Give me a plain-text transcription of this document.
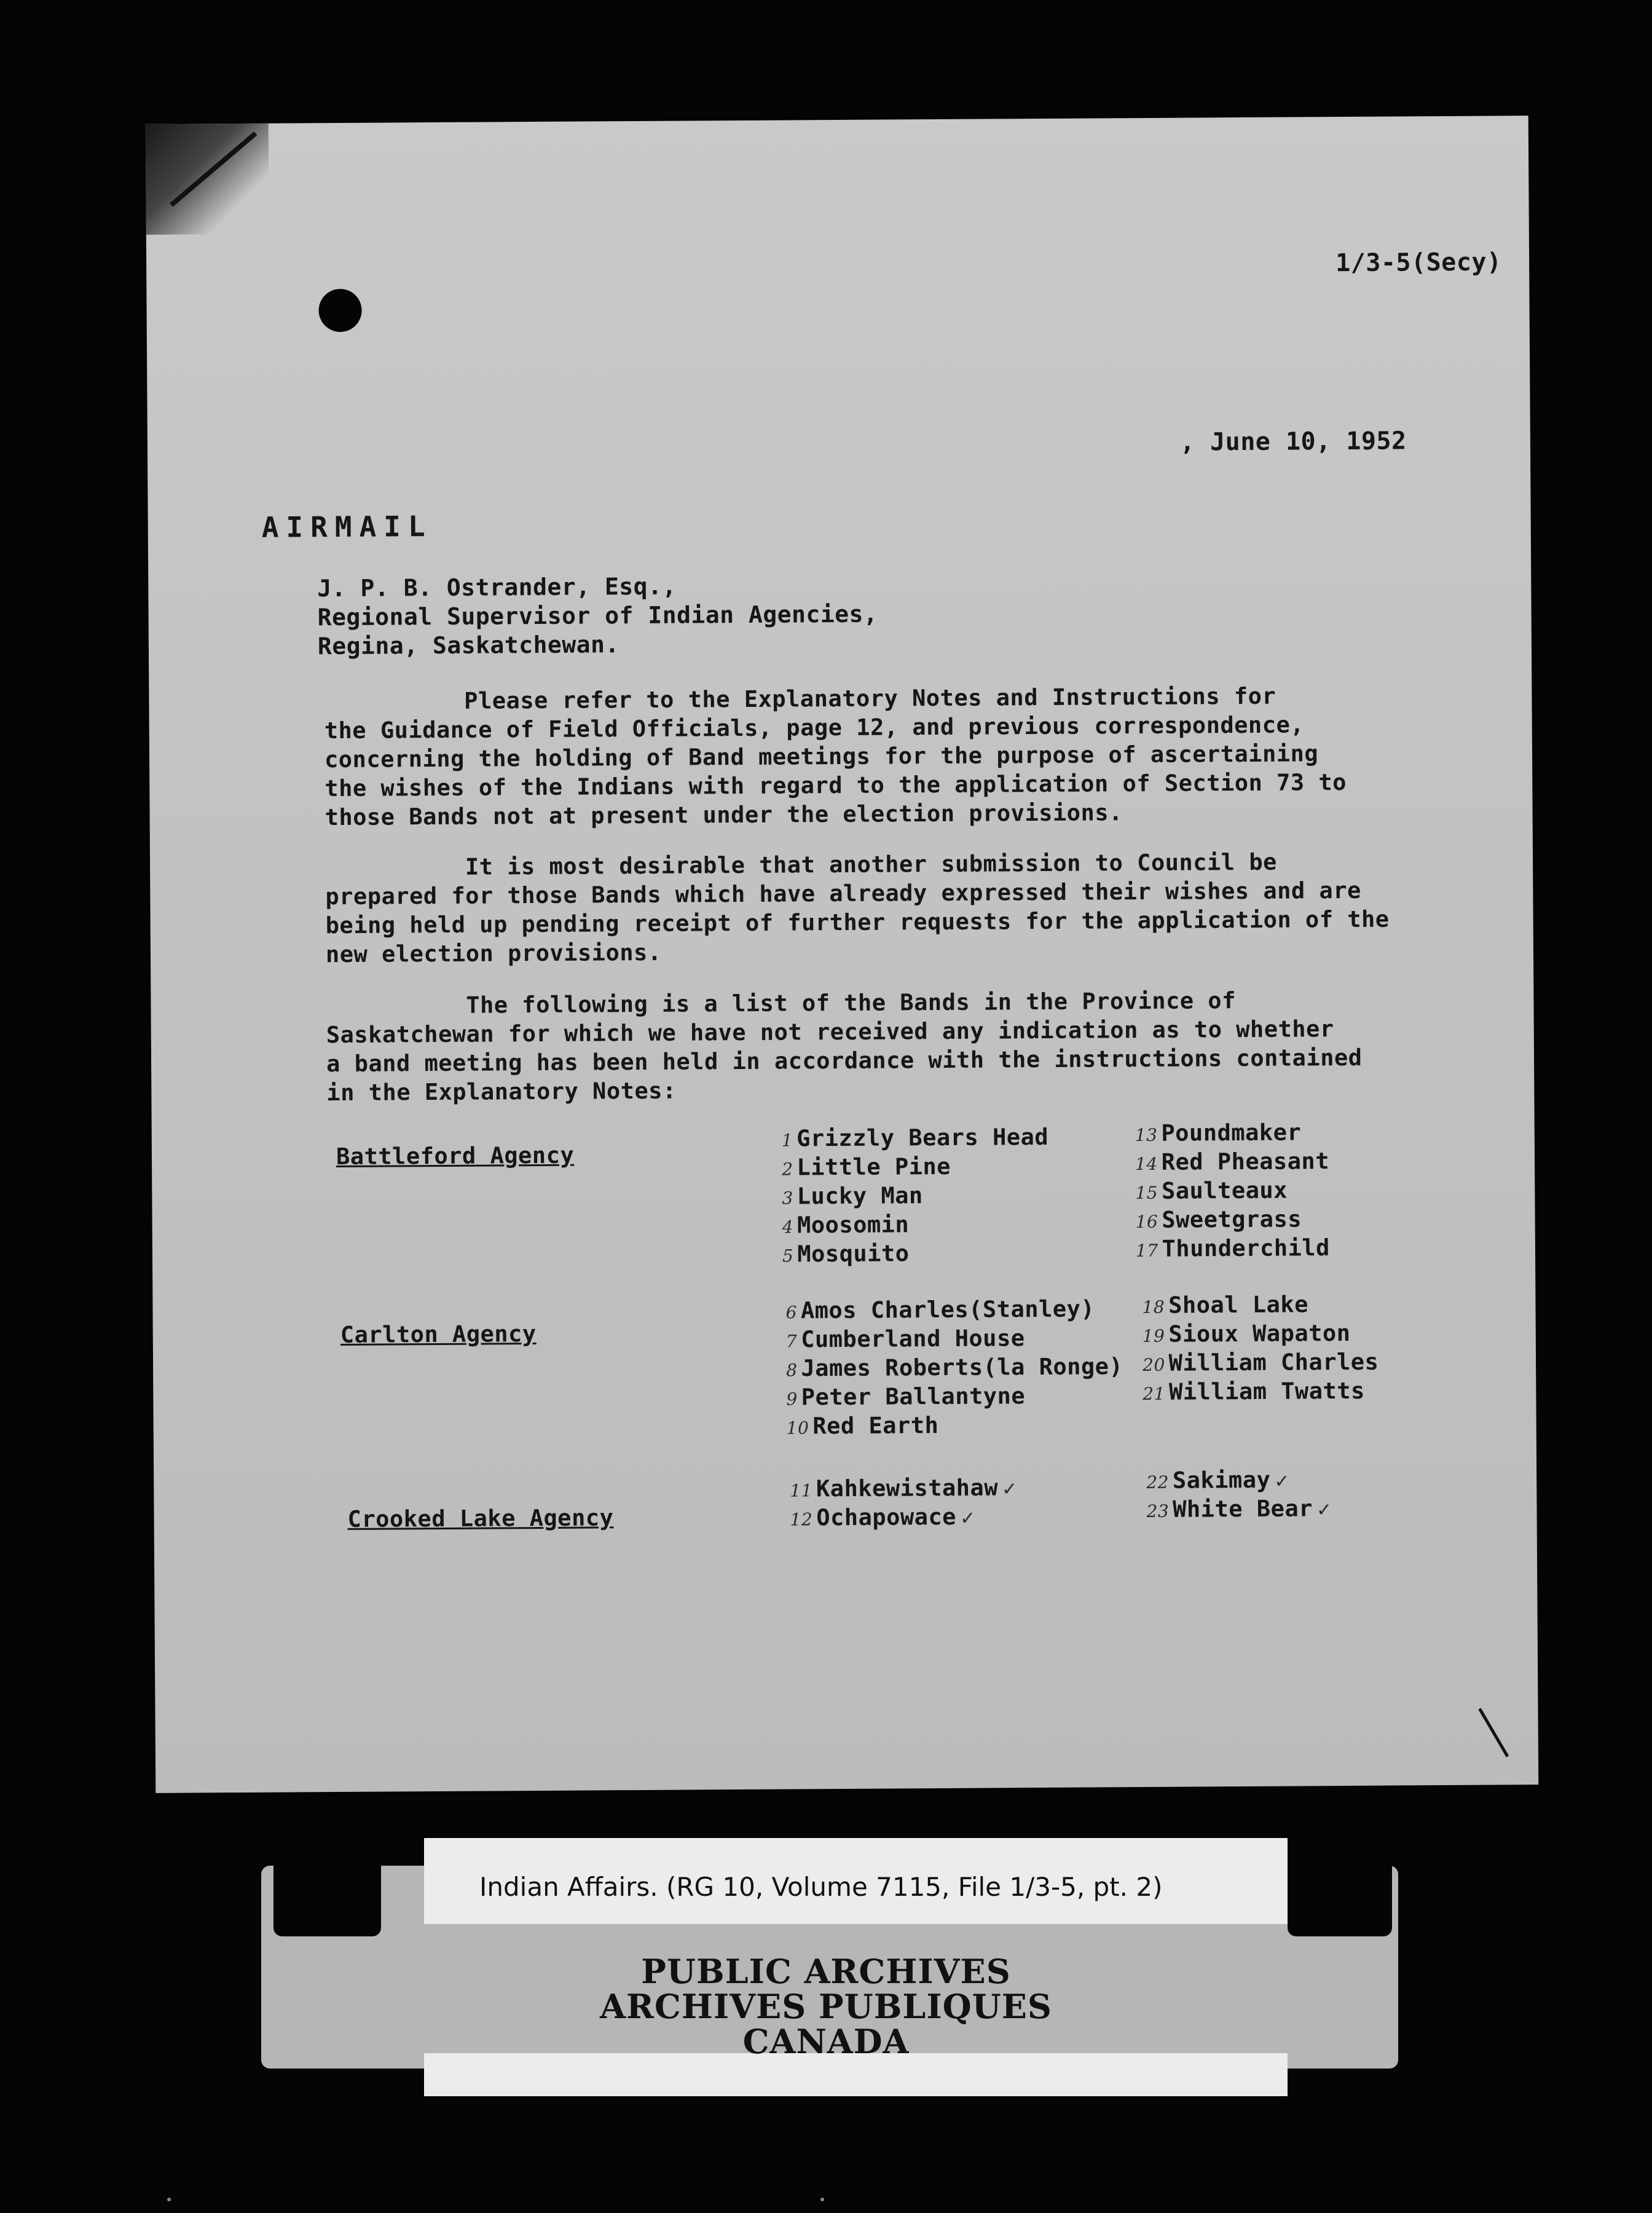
1/3-5(Secy)
, June 10, 1952
AIRMAIL
J. P. B. Ostrander, Esq.,
Regional Supervisor of Indian Agencies,
Regina, Saskatchewan.
Please refer to the Explanatory Notes and Instructions for
the Guidance of Field Officials, page 12, and previous correspondence,
concerning the holding of Band meetings for the purpose of ascertaining
the wishes of the Indians with regard to the application of Section 73 to
those Bands not at present under the election provisions.
It is most desirable that another submission to Council be
prepared for those Bands which have already expressed their wishes and are
being held up pending receipt of further requests for the application of the
new election provisions.
The following is a list of the Bands in the Province of
Saskatchewan for which we have not received any indication as to whether
a band meeting has been held in accordance with the instructions contained
in the Explanatory Notes:
Battleford Agency
1 Grizzly Bears Head
2 Little Pine
3 Lucky Man
4 Moosomin
5 Mosquito
13 Poundmaker
14 Red Pheasant
15 Saulteaux
16 Sweetgrass
17 Thunderchild
Carlton Agency
6 Amos Charles(Stanley)
7 Cumberland House
8 James Roberts(la Ronge)
9 Peter Ballantyne
10 Red Earth
18 Shoal Lake
19 Sioux Wapaton
20 William Charles
21 William Twatts
Crooked Lake Agency
11 Kahkewistahaw ✓
12 Ochapowace ✓
22 Sakimay ✓
23 White Bear ✓
Indian Affairs. (RG 10, Volume 7115, File 1/3-5, pt. 2)
PUBLIC ARCHIVES
ARCHIVES PUBLIQUES
CANADA
